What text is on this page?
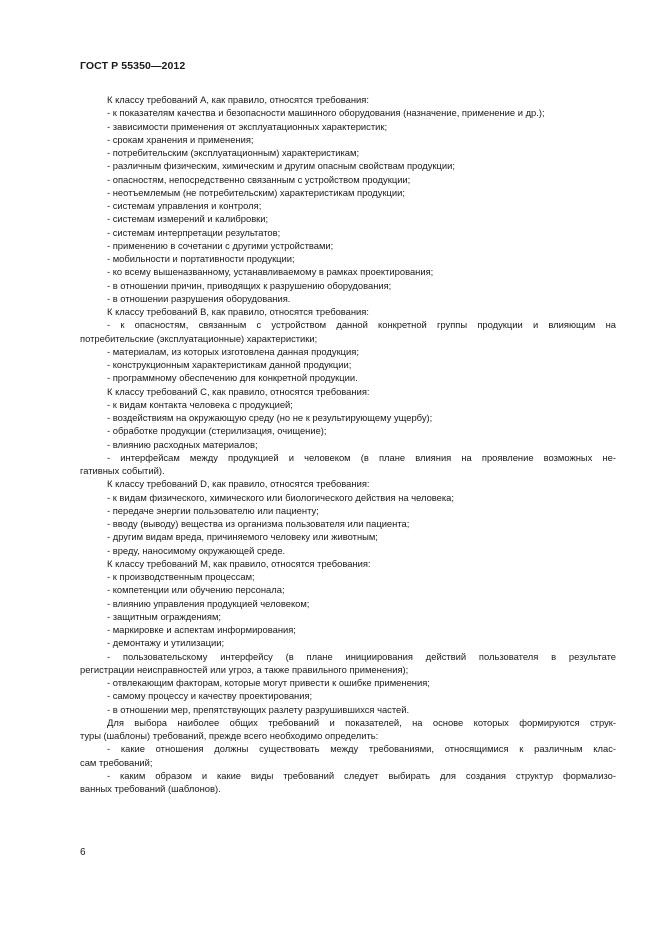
ГОСТ Р 55350—2012
К классу требований А, как правило, относятся требования:
- к показателям качества и безопасности машинного оборудования (назначение, применение и др.);
- зависимости применения от эксплуатационных характеристик;
- срокам хранения и применения;
- потребительским (эксплуатационным) характеристикам;
- различным физическим, химическим и другим опасным свойствам продукции;
- опасностям, непосредственно связанным с устройством продукции;
- неотъемлемым (не потребительским) характеристикам продукции;
- системам управления и контроля;
- системам измерений и калибровки;
- системам интерпретации результатов;
- применению в сочетании с другими устройствами;
- мобильности и портативности продукции;
- ко всему вышеназванному, устанавливаемому в рамках проектирования;
- в отношении причин, приводящих к разрушению оборудования;
- в отношении разрушения оборудования.
К классу требований В, как правило, относятся требования:
- к опасностям, связанным с устройством данной конкретной группы продукции и влияющим на
потребительские (эксплуатационные) характеристики;
- материалам, из которых изготовлена данная продукция;
- конструкционным характеристикам данной продукции;
- программному обеспечению для конкретной продукции.
К классу требований С, как правило, относятся требования:
- к видам контакта человека с продукцией;
- воздействиям на окружающую среду (но не к результирующему ущербу);
- обработке продукции (стерилизация, очищение);
- влиянию расходных материалов;
- интерфейсам между продукцией и человеком (в плане влияния на проявление возможных не-
гативных событий).
К классу требований D, как правило, относятся требования:
- к видам физического, химического или биологического действия на человека;
- передаче энергии пользователю или пациенту;
- вводу (выводу) вещества из организма пользователя или пациента;
- другим видам вреда, причиняемого человеку или животным;
- вреду, наносимому окружающей среде.
К классу требований М, как правило, относятся требования:
- к производственным процессам;
- компетенции или обучению персонала;
- влиянию управления продукцией человеком;
- защитным ограждениям;
- маркировке и аспектам информирования;
- демонтажу и утилизации;
- пользовательскому интерфейсу (в плане инициирования действий пользователя в результате
регистрации неисправностей или угроз, а также правильного применения);
- отвлекающим факторам, которые могут привести к ошибке применения;
- самому процессу и качеству проектирования;
- в отношении мер, препятствующих разлету разрушившихся частей.
Для выбора наиболее общих требований и показателей, на основе которых формируются струк-
туры (шаблоны) требований, прежде всего необходимо определить:
- какие отношения должны существовать между требованиями, относящимися к различным клас-
сам требований;
- каким образом и какие виды требований следует выбирать для создания структур формализо-
ванных требований (шаблонов).
6
